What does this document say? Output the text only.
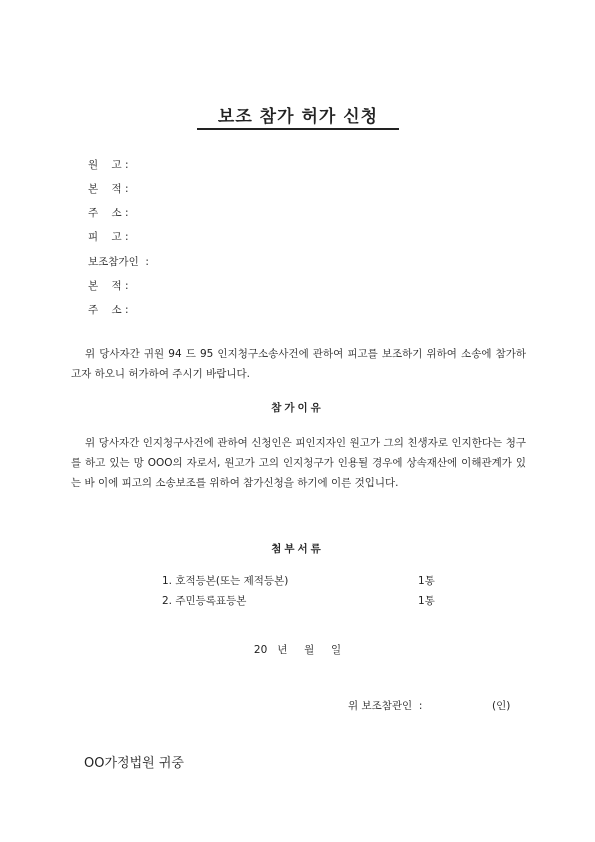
보조 참가 허가 신청
원    고 :
본    적 :
주    소 :
피    고 :
보조참가인  :
본    적 :
주    소 :
위 당사자간 귀원 94 드 95 인지청구소송사건에 관하여 피고를 보조하기 위하여 소송에 참가하고자 하오니 허가하여 주시기 바랍니다.
참가이유
위 당사자간 인지청구사건에 관하여 신청인은 피인지자인 원고가 그의 친생자로 인지한다는 청구를 하고 있는 망 OOO의 자로서, 원고가 고의 인지청구가 인용될 경우에 상속재산에 이해관계가 있는 바 이에 피고의 소송보조를 위하여 참가신청을 하기에 이른 것입니다.
첨부서류
1. 호적등본(또는 제적등본)	1통
2. 주민등록표등본	1통
20   년     월     일
위 보조참관인  :	(인)
OO가정법원 귀중
